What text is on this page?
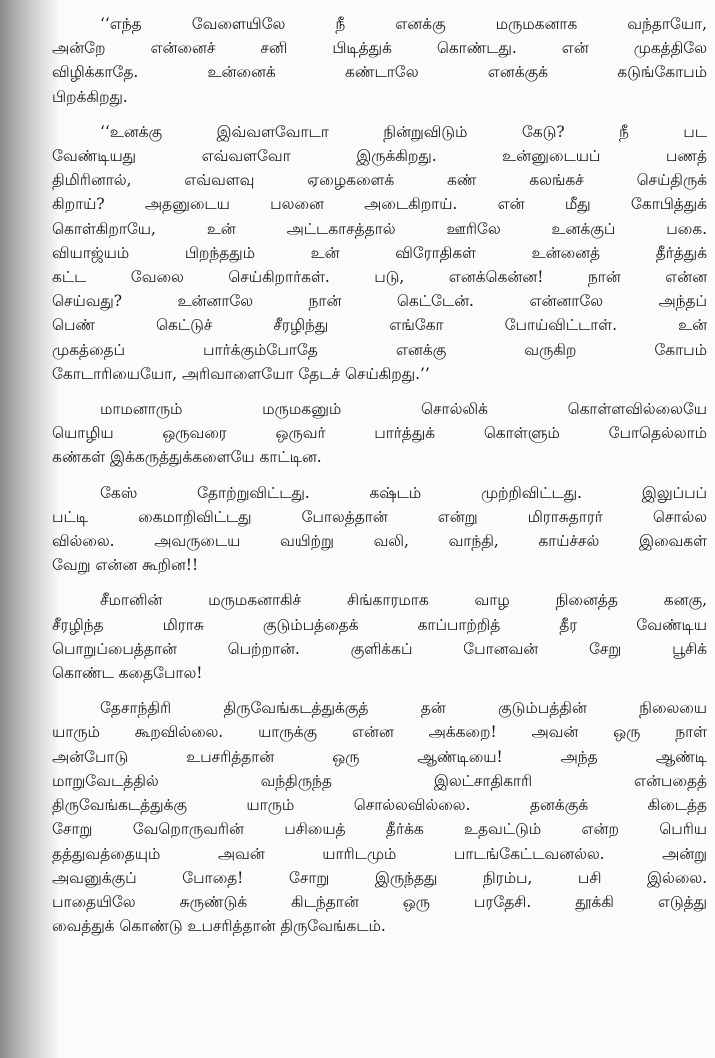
‘‘எந்த வேளையிலே நீ எனக்கு மருமகனாக வந்தாயோ,
அன்றே என்னைச் சனி பிடித்துக் கொண்டது. என் முகத்திலே
விழிக்காதே. உன்னைக் கண்டாலே எனக்குக் கடுங்கோபம்
பிறக்கிறது.
‘‘உனக்கு இவ்வளவோடா நின்றுவிடும் கேடு? நீ பட
வேண்டியது எவ்வளவோ இருக்கிறது. உன்னுடையப் பணத்
திமிரினால், எவ்வளவு ஏழைகளைக் கண் கலங்கச் செய்திருக்
கிறாய்? அதனுடைய பலனை அடைகிறாய். என் மீது கோபித்துக்
கொள்கிறாயே, உன் அட்டகாசத்தால் ஊரிலே உனக்குப் பகை.
வியாஜ்யம் பிறந்ததும் உன் விரோதிகள் உன்னைத் தீர்த்துக்
கட்ட வேலை செய்கிறார்கள். படு, எனக்கென்ன! நான் என்ன
செய்வது? உன்னாலே நான் கெட்டேன். என்னாலே அந்தப்
பெண் கெட்டுச் சீரழிந்து எங்கோ போய்விட்டாள். உன்
முகத்தைப் பார்க்கும்போதே எனக்கு வருகிற கோபம்
கோடாரியையோ, அரிவாளையோ தேடச் செய்கிறது.’’
மாமனாரும் மருமகனும் சொல்லிக் கொள்ளவில்லையே
யொழிய ஒருவரை ஒருவர் பார்த்துக் கொள்ளும் போதெல்லாம்
கண்கள் இக்கருத்துக்களையே காட்டின.
கேஸ் தோற்றுவிட்டது. கஷ்டம் முற்றிவிட்டது. இலுப்பப்
பட்டி கைமாறிவிட்டது போலத்தான் என்று மிராசுதாரர் சொல்ல
வில்லை. அவருடைய வயிற்று வலி, வாந்தி, காய்ச்சல் இவைகள்
வேறு என்ன கூறின!!
சீமானின் மருமகனாகிச் சிங்காரமாக வாழ நினைத்த கனகு,
சீரழிந்த மிராசு குடும்பத்தைக் காப்பாற்றித் தீர வேண்டிய
பொறுப்பைத்தான் பெற்றான். குளிக்கப் போனவன் சேறு பூசிக்
கொண்ட கதைபோல!
தேசாந்திரி திருவேங்கடத்துக்குத் தன் குடும்பத்தின் நிலையை
யாரும் கூறவில்லை. யாருக்கு என்ன அக்கறை! அவன் ஒரு நாள்
அன்போடு உபசரித்தான் ஒரு ஆண்டியை! அந்த ஆண்டி
மாறுவேடத்தில் வந்திருந்த இலட்சாதிகாரி என்பதைத்
திருவேங்கடத்துக்கு யாரும் சொல்லவில்லை. தனக்குக் கிடைத்த
சோறு வேறொருவரின் பசியைத் தீர்க்க உதவட்டும் என்ற பெரிய
தத்துவத்தையும் அவன் யாரிடமும் பாடங்கேட்டவனல்ல. அன்று
அவனுக்குப் போதை! சோறு இருந்தது நிரம்ப, பசி இல்லை.
பாதையிலே சுருண்டுக் கிடந்தான் ஒரு பரதேசி. தூக்கி எடுத்து
வைத்துக் கொண்டு உபசரித்தான் திருவேங்கடம்.
